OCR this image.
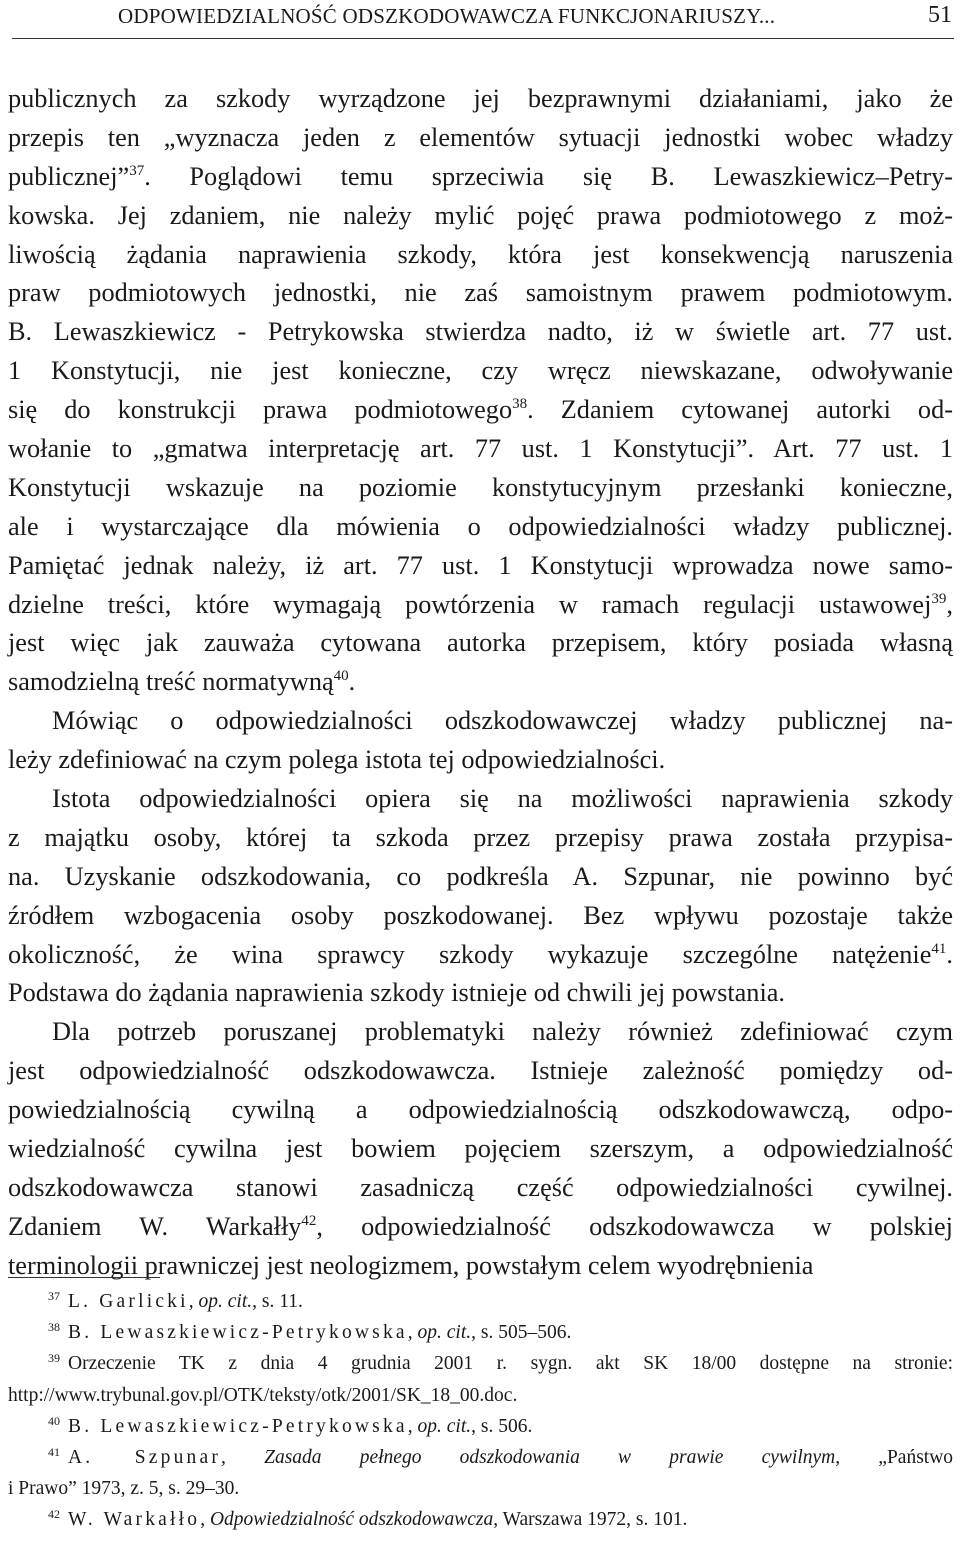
ODPOWIEDZIALNOŚĆ ODSZKODOWAWCZA FUNKCJONARIUSZY...	51
publicznych za szkody wyrządzone jej bezprawnymi działaniami, jako że
przepis ten „wyznacza jeden z elementów sytuacji jednostki wobec władzy
publicznej”$^{37}$. Poglądowi temu sprzeciwia się B. Lewaszkiewicz–Petry-
kowska. Jej zdaniem, nie należy mylić pojęć prawa podmiotowego z moż-
liwością żądania naprawienia szkody, która jest konsekwencją naruszenia
praw podmiotowych jednostki, nie zaś samoistnym prawem podmiotowym.
B. Lewaszkiewicz - Petrykowska stwierdza nadto, iż w świetle art. 77 ust.
1 Konstytucji, nie jest konieczne, czy wręcz niewskazane, odwoływanie
się do konstrukcji prawa podmiotowego$^{38}$. Zdaniem cytowanej autorki od-
wołanie to „gmatwa interpretację art. 77 ust. 1 Konstytucji”. Art. 77 ust. 1
Konstytucji wskazuje na poziomie konstytucyjnym przesłanki konieczne,
ale i wystarczające dla mówienia o odpowiedzialności władzy publicznej.
Pamiętać jednak należy, iż art. 77 ust. 1 Konstytucji wprowadza nowe samo-
dzielne treści, które wymagają powtórzenia w ramach regulacji ustawowej$^{39}$,
jest więc jak zauważa cytowana autorka przepisem, który posiada własną
samodzielną treść normatywną$^{40}$.
Mówiąc o odpowiedzialności odszkodowawczej władzy publicznej na-
leży zdefiniować na czym polega istota tej odpowiedzialności.
Istota odpowiedzialności opiera się na możliwości naprawienia szkody
z majątku osoby, której ta szkoda przez przepisy prawa została przypisa-
na. Uzyskanie odszkodowania, co podkreśla A. Szpunar, nie powinno być
źródłem wzbogacenia osoby poszkodowanej. Bez wpływu pozostaje także
okoliczność, że wina sprawcy szkody wykazuje szczególne natężenie$^{41}$.
Podstawa do żądania naprawienia szkody istnieje od chwili jej powstania.
Dla potrzeb poruszanej problematyki należy również zdefiniować czym
jest odpowiedzialność odszkodowawcza. Istnieje zależność pomiędzy od-
powiedzialnością cywilną a odpowiedzialnością odszkodowawczą, odpo-
wiedzialność cywilna jest bowiem pojęciem szerszym, a odpowiedzialność
odszkodowawcza stanowi zasadniczą część odpowiedzialności cywilnej.
Zdaniem W. Warkałły$^{42}$, odpowiedzialność odszkodowawcza w polskiej
terminologii prawniczej jest neologizmem, powstałym celem wyodrębnienia
$^{37}$ L. Garlicki, op. cit., s. 11.
$^{38}$ B. Lewaszkiewicz-Petrykowska, op. cit., s. 505–506.
$^{39}$ Orzeczenie TK z dnia 4 grudnia 2001 r. sygn. akt SK 18/00 dostępne na stronie:
http://www.trybunal.gov.pl/OTK/teksty/otk/2001/SK_18_00.doc.
$^{40}$ B. Lewaszkiewicz-Petrykowska, op. cit., s. 506.
$^{41}$ A. Szpunar, Zasada pełnego odszkodowania w prawie cywilnym, „Państwo
i Prawo” 1973, z. 5, s. 29–30.
$^{42}$ W. Warkałło, Odpowiedzialność odszkodowawcza, Warszawa 1972, s. 101.
